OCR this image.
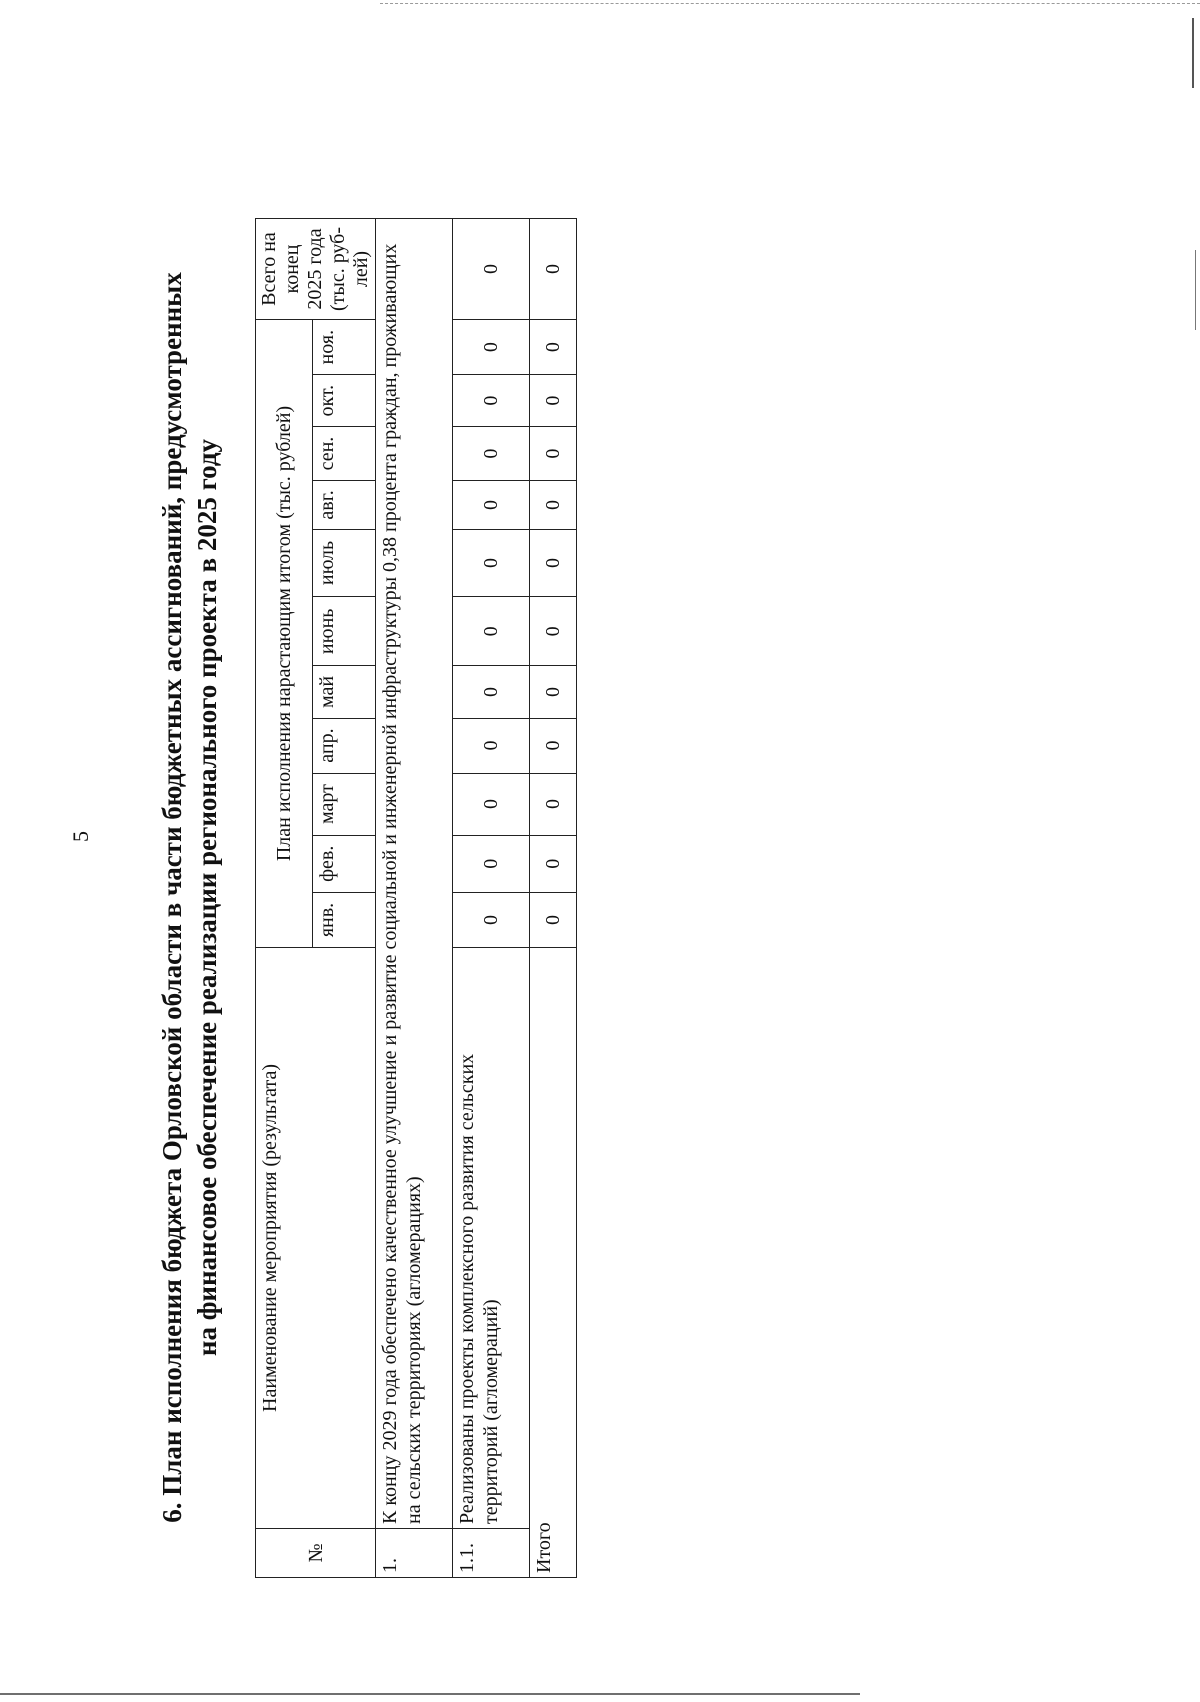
5 6. План исполнения бюджета Орловской области в части бюджетных ассигнований, предусмотренных на финансовое обеспечение реализации регионального проекта в 2025 году
№	Наименование мероприятия (результата)	План исполнения нарастающим итогом (тыс. рублей)											Всего на конец 2025 года (тыс. руб- лей)
		янв.	фев.	март	апр.	май	июнь	июль	авг.	сен.	окт.	ноя.	
1.	К концу 2029 года обеспечено качественное улучшение и развитие социальной и инженерной инфраструктуры 0,38 процента граждан, проживающих на сельских территориях (агломерациях)												
1.1.	Реализованы проекты комплексного развития сельских территорий (агломераций)	0	0	0	0	0	0	0	0	0	0	0	0
Итого		0	0	0	0	0	0	0	0	0	0	0	0
